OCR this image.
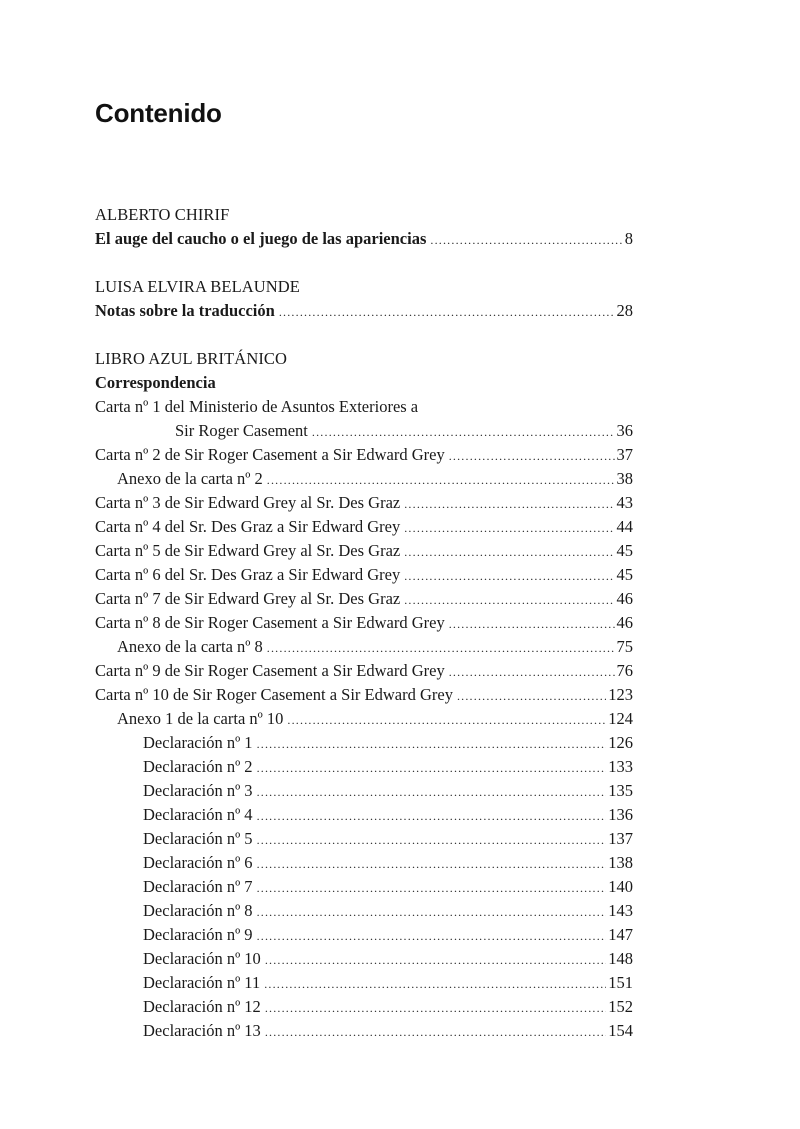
Contenido
ALBERTO CHIRIF
El auge del caucho o el juego de las apariencias .....	8
LUISA ELVIRA BELAUNDE
Notas sobre la traducción .....	28
LIBRO AZUL BRITÁNICO
Correspondencia
Carta nº 1 del Ministerio de Asuntos Exteriores a
Sir Roger Casement .....	36
Carta nº 2 de Sir Roger Casement a Sir Edward Grey .....	37
Anexo de la carta nº 2 .....	38
Carta nº 3 de Sir Edward Grey al Sr. Des Graz .....	43
Carta nº 4 del Sr. Des Graz a Sir Edward Grey .....	44
Carta nº 5 de Sir Edward Grey al Sr. Des Graz .....	45
Carta nº 6 del Sr. Des Graz a Sir Edward Grey .....	45
Carta nº 7 de Sir Edward Grey al Sr. Des Graz .....	46
Carta nº 8 de Sir Roger Casement a Sir Edward Grey .....	46
Anexo de la carta nº 8 .....	75
Carta nº 9 de Sir Roger Casement a Sir Edward Grey .....	76
Carta nº 10 de Sir Roger Casement a Sir Edward Grey .....	123
Anexo 1 de la carta nº 10 .....	124
Declaración nº 1 .....	126
Declaración nº 2 .....	133
Declaración nº 3 .....	135
Declaración nº 4 .....	136
Declaración nº 5 .....	137
Declaración nº 6 .....	138
Declaración nº 7 .....	140
Declaración nº 8 .....	143
Declaración nº 9 .....	147
Declaración nº 10 .....	148
Declaración nº 11 .....	151
Declaración nº 12 .....	152
Declaración nº 13 .....	154
